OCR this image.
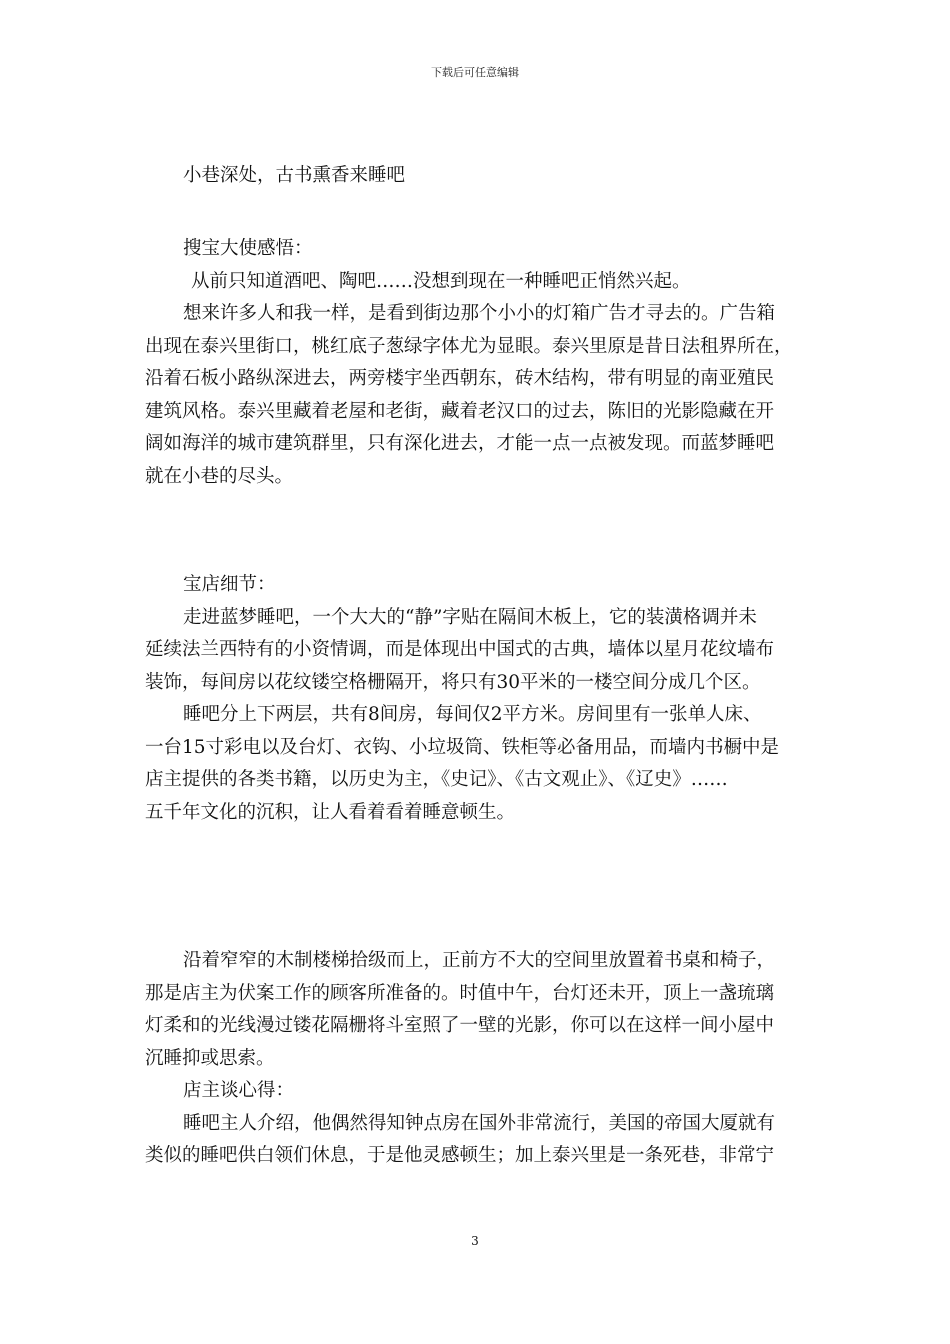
下载后可任意编辑
小巷深处，古书熏香来睡吧
搜宝大使感悟：
从前只知道酒吧、陶吧……没想到现在一种睡吧正悄然兴起。
想来许多人和我一样，是看到街边那个小小的灯箱广告才寻去的。广告箱
出现在泰兴里街口，桃红底子葱绿字体尤为显眼。泰兴里原是昔日法租界所在，
沿着石板小路纵深进去，两旁楼宇坐西朝东，砖木结构，带有明显的南亚殖民
建筑风格。泰兴里藏着老屋和老街，藏着老汉口的过去，陈旧的光影隐藏在开
阔如海洋的城市建筑群里，只有深化进去，才能一点一点被发现。而蓝梦睡吧
就在小巷的尽头。
宝店细节：
走进蓝梦睡吧，一个大大的“静”字贴在隔间木板上，它的装潢格调并未
延续法兰西特有的小资情调，而是体现出中国式的古典，墙体以星月花纹墙布
装饰，每间房以花纹镂空格栅隔开，将只有30平米的一楼空间分成几个区。
睡吧分上下两层，共有8间房，每间仅2平方米。房间里有一张单人床、
一台15寸彩电以及台灯、衣钩、小垃圾筒、铁柜等必备用品，而墙内书橱中是
店主提供的各类书籍，以历史为主，《史记》、《古文观止》、《辽史》……
五千年文化的沉积，让人看着看着睡意顿生。
沿着窄窄的木制楼梯拾级而上，正前方不大的空间里放置着书桌和椅子，
那是店主为伏案工作的顾客所准备的。时值中午，台灯还未开，顶上一盏琉璃
灯柔和的光线漫过镂花隔栅将斗室照了一壁的光影，你可以在这样一间小屋中
沉睡抑或思索。
店主谈心得：
睡吧主人介绍，他偶然得知钟点房在国外非常流行，美国的帝国大厦就有
类似的睡吧供白领们休息，于是他灵感顿生；加上泰兴里是一条死巷，非常宁
3
